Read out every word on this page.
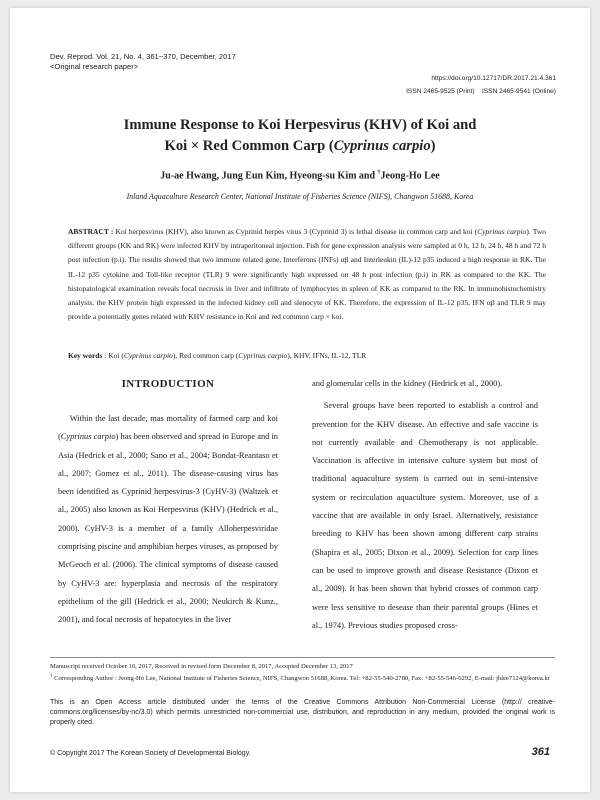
Dev. Reprod. Vol. 21, No. 4, 361~370, December, 2017
<Original research paper>
https://doi.org/10.12717/DR.2017.21.4.361
ISSN 2465-9525 (Print)    ISSN 2465-9541 (Online)
Immune Response to Koi Herpesvirus (KHV) of Koi and
Koi × Red Common Carp (Cyprinus carpio)
Ju-ae Hwang, Jung Eun Kim, Hyeong-su Kim and †Jeong-Ho Lee
Inland Aquaculture Research Center, National Institute of Fisheries Science (NIFS), Changwon 51688, Korea
ABSTRACT : Koi herpesvirus (KHV), also known as Cyprinid herpes virus 3 (Cyprinid 3) is lethal disease in common carp and koi (Cyprinus carpio). Two different groups (KK and RK) were infected KHV by intraperitoneal injection. Fish for gene expression analysis were sampled at 0 h, 12 h, 24 h, 48 h and 72 h post infection (p.i). The results showed that two immune related gene, Interferons (INFs) αβ and Interleukin (IL)-12 p35 induced a high response in RK. The IL-12 p35 cytokine and Toll-like receptor (TLR) 9 were significantly high expressed on 48 h post infection (p.i) in RK as compared to the KK. The histopatological examination reveals focal necrosis in liver and infiltrate of lymphocytes in spleen of KK as compared to the RK. In immunohistochemistry analysis, the KHV protein high expressed in the infected kidney cell and slenocyte of KK. Therefore, the expression of IL-12 p35, IFN αβ and TLR 9 may provide a potentially genes related with KHV resistance in Koi and red common carp × koi.
Key words : Koi (Cyprinus carpio), Red common carp (Cyprinus carpio), KHV, IFNs, IL-12, TLR
INTRODUCTION

Within the last decade, mas mortality of farmed carp and koi (Cyprinus carpio) has been observed and spread in Europe and in Asia (Hedrick et al., 2000; Sano et al., 2004; Bondat-Reantaso et al., 2007; Gomez et al., 2011). The disease-causing virus has been identified as Cyprinid herpesvirus-3 (CyHV-3) (Waltzek et al., 2005) also known as Koi Herpesvirus (KHV) (Hedrick et al., 2000). CyHV-3 is a member of a family Alloherpesviridae comprising piscine and amphibian herpes viruses, as proposed by McGeoch et al. (2006). The clinical symptoms of disease caused by CyHV-3 are: hyperplasia and necrosis of the respiratory epithelium of the gill (Hedrick et al., 2000; Neukirch & Kunz., 2001), and focal necrosis of hepatocytes in the liver

and glomerular cells in the kidney (Hedrick et al., 2000).

Several groups have been reported to establish a control and prevention for the KHV disease. An effective and safe vaccine is not currently available and Chemotherapy is not applicable. Vaccination is affective in intensive culture system but most of traditional aquaculture system is carried out in semi-intensive system or recirculation aquaculture system. Moreover, use of a vaccine that are available in only Israel. Alternatively, resistance breeding to KHV has been shown among different carp strains (Shapira et al., 2005; Dixon et al., 2009). Selection for carp lines can be used to improve growth and disease Resistance (Dixon et al., 2009). It has been shown that hybrid crosses of common carp were less sensitive to desease than their parental groups (Hines et al., 1974). Previous studies proposed cross-

Manuscript received October 10, 2017, Received in revised form December 8, 2017, Accepted December 13, 2017
† Corresponding Author : Jeong-Ho Lee, National Institute of Fisheries Science, NIFS, Changwon 51688, Korea. Tel: +82-55-540-2780, Fax: +82-55-546-6292, E-mail: jhlee7124@korea.kr
This is an Open Access article distributed under the terms of the Creative Commons Attribution Non-Commercial License (http:// creative-commons.org/licenses/by-nc/3.0) which permits unrestricted non-commercial use, distribution, and reproduction in any medium, provided the original work is properly cited.
© Copyright 2017 The Korean Society of Developmental Biology.	361
